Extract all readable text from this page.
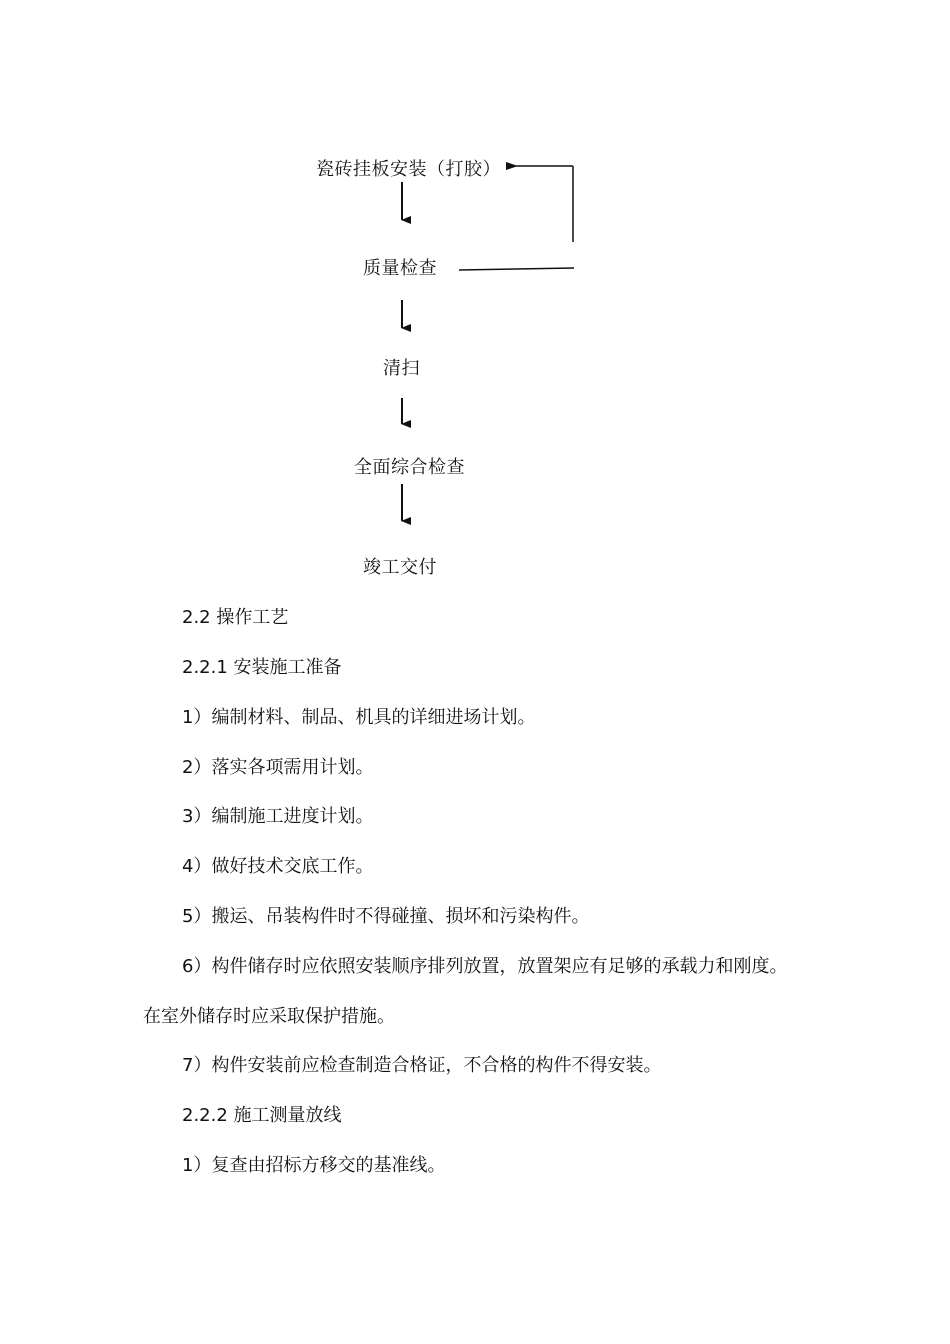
瓷砖挂板安装（打胶）
质量检查
清扫
全面综合检查
竣工交付
2.2 操作工艺
2.2.1 安装施工准备
1）编制材料、制品、机具的详细进场计划。
2）落实各项需用计划。
3）编制施工进度计划。
4）做好技术交底工作。
5）搬运、吊装构件时不得碰撞、损坏和污染构件。
6）构件储存时应依照安装顺序排列放置，放置架应有足够的承载力和刚度。
在室外储存时应采取保护措施。
7）构件安装前应检查制造合格证，不合格的构件不得安装。
2.2.2 施工测量放线
1）复查由招标方移交的基准线。
